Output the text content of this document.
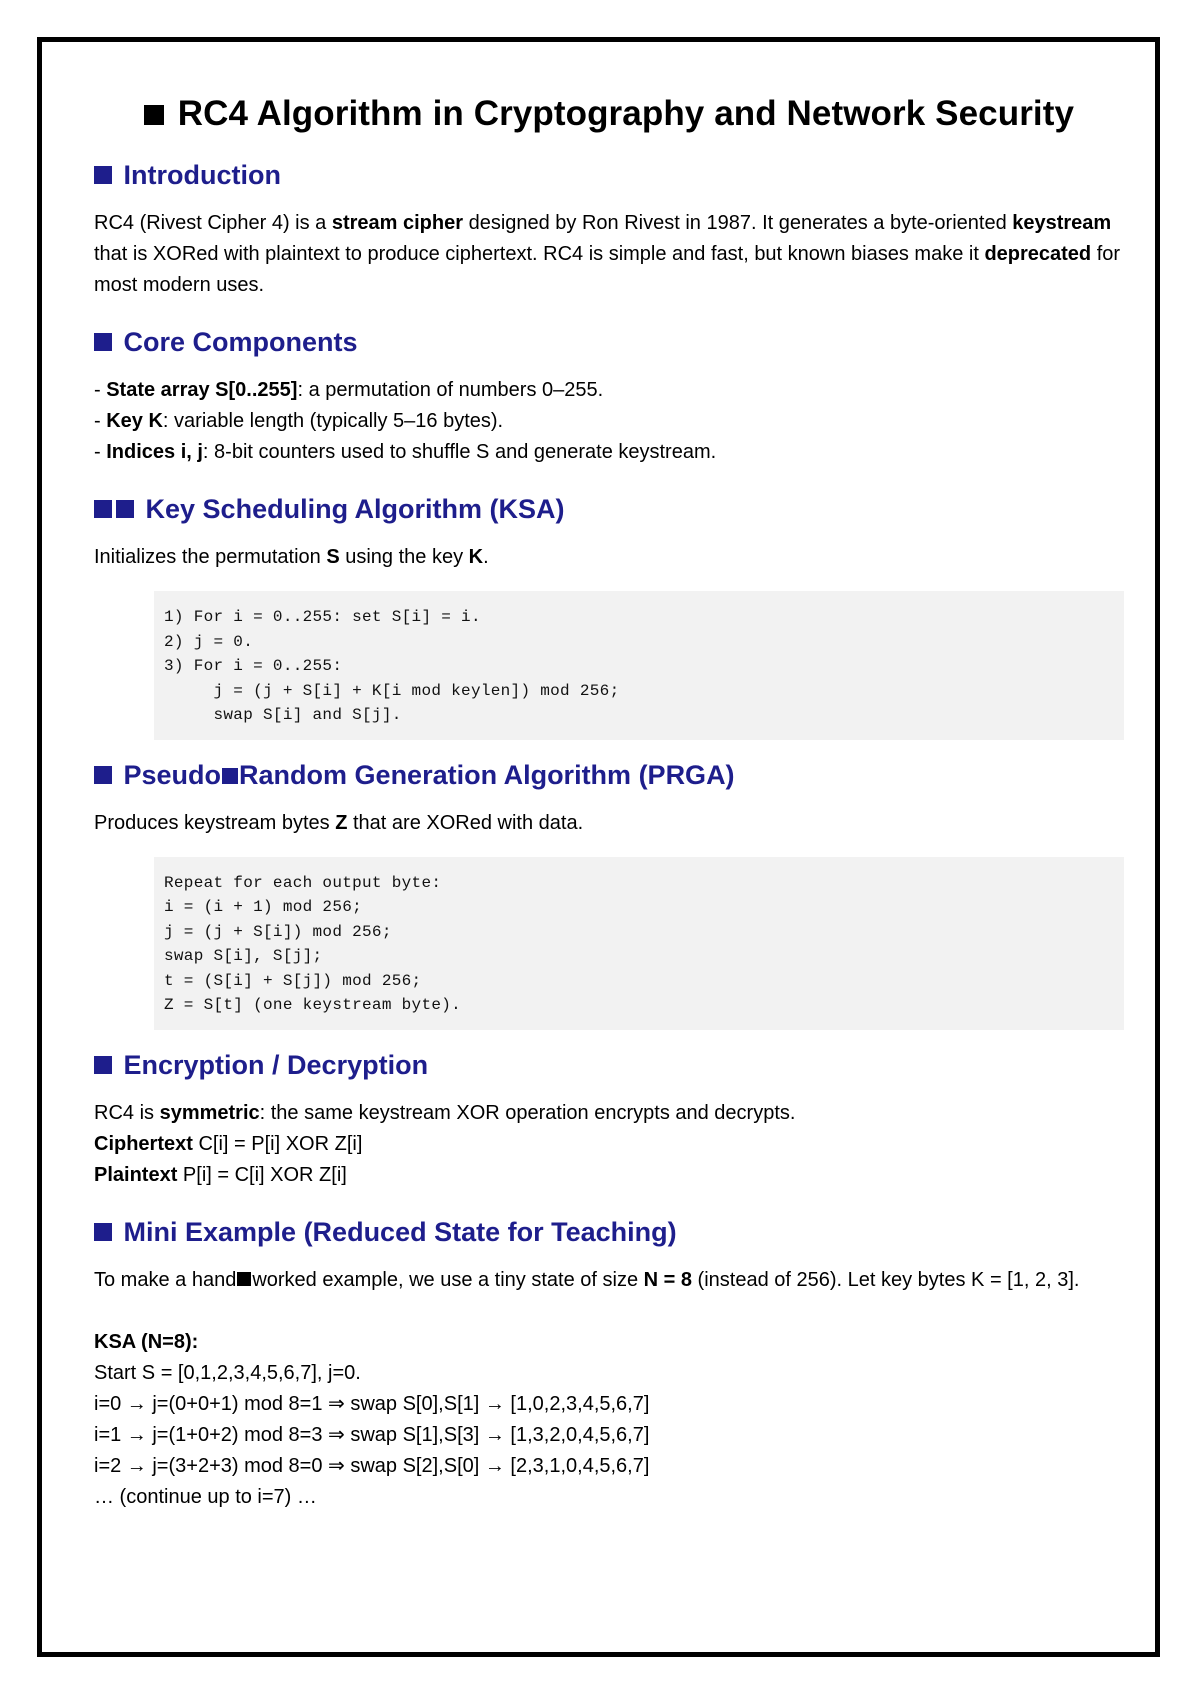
RC4 Algorithm in Cryptography and Network Security
Introduction

RC4 (Rivest Cipher 4) is a stream cipher designed by Ron Rivest in 1987. It generates a byte-oriented keystream that is XORed with plaintext to produce ciphertext. RC4 is simple and fast, but known biases make it deprecated for most modern uses.

Core Components
- State array S[0..255]: a permutation of numbers 0–255.
- Key K: variable length (typically 5–16 bytes).
- Indices i, j: 8-bit counters used to shuffle S and generate keystream.
Key Scheduling Algorithm (KSA)

Initializes the permutation S using the key K.

1) For i = 0..255: set S[i] = i.
2) j = 0.
3) For i = 0..255:
j = (j + S[i] + K[i mod keylen]) mod 256;
swap S[i] and S[j].
Pseudo Random Generation Algorithm (PRGA)

Produces keystream bytes Z that are XORed with data.

Repeat for each output byte:
i = (i + 1) mod 256;
j = (j + S[i]) mod 256;
swap S[i], S[j];
t = (S[i] + S[j]) mod 256;
Z = S[t] (one keystream byte).
Encryption / Decryption

RC4 is symmetric: the same keystream XOR operation encrypts and decrypts.

Ciphertext C[i] = P[i] XOR Z[i]

Plaintext P[i] = C[i] XOR Z[i]

Mini Example (Reduced State for Teaching)

To make a hand worked example, we use a tiny state of size N = 8 (instead of 256). Let key bytes K = [1, 2, 3].

KSA (N=8):

Start S = [0,1,2,3,4,5,6,7], j=0.

i=0 → j=(0+0+1) mod 8=1 ⇒ swap S[0],S[1] → [1,0,2,3,4,5,6,7]

i=1 → j=(1+0+2) mod 8=3 ⇒ swap S[1],S[3] → [1,3,2,0,4,5,6,7]

i=2 → j=(3+2+3) mod 8=0 ⇒ swap S[2],S[0] → [2,3,1,0,4,5,6,7]

… (continue up to i=7) …
